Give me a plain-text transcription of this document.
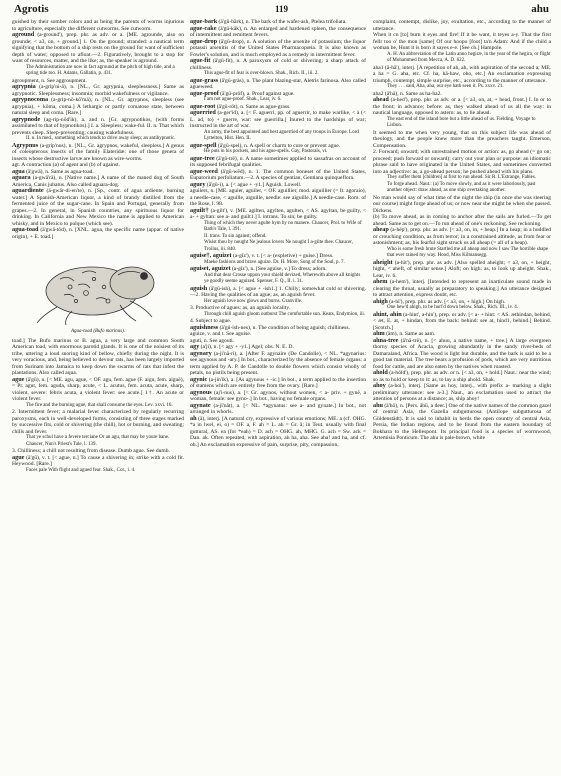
Agrotis	119	ahu

guished by their somber colors and as being the parents of worms injurious to agriculture, especially the different cutworms. See cutworm.

aground (a-ground'), prep. phr. as adv. or a. [ME. agrounde, also on grounde; < a3, on, + ground.] 1. On the ground; stranded: a nautical term signifying that the bottom of a ship rests on the ground for want of sufficient depth of water; opposed to afloat.—2. Figuratively, brought to a stop for want of resources, matter, and the like; as, the speaker is aground.

The Administration are now in fact aground at the pitch of high tide, and a spring tide too. H. Adams, Gallatin, p. 431.

agroupment, n. See aggroupment.

agrypnia (a-grip'ni-ä), n. [NL., Gr. agrypnia, sleeplessness.] Same as agrypnotic. Sleeplessness; insomnia; morbid wakefulness or vigilance.

agrypnocoma (a-grip-nō-kō'mä), n. [NL., Gr. agrypnos, sleepless (see agrypnia), + kōma, coma.] A lethargic or partly comatose state, between natural sleep and coma. [Rare.]

agrypnode (ag-rip-nōd'ik), a. and n. [Gr. agrypnotikos, (with forms assimilated to that of hypnotikos).] I. a. Sleepless; wake-ful. II. n. That which prevents sleep. Sleep-preventing; causing wakefulness.

II. n. In med., something which tends to drive away sleep; an antihypnotic.

Agrypnus (a-grip'nus), n. [NL., Gr. agrypnos, wakeful, sleepless.] A genus of coleopterous insects of the family Elateridæ: one of those genera of insects whose destructive larvæ are known as wire-worms.

agt. A contraction (a) of agent and (b) of against.

agua (ä'gwä), n. Same as agua-toad.

aguara (a-gwä'rä), n. [Native name.] A name of the maned dog of South America, Canis jubatus. Also called aguara-dog.

aguardiente (ä-gwär-di-en'te), n. [Sp., contr. of agua ardiente, burning water.] A Spanish-American liquor, a kind of brandy distilled from the fermented juice of the sugar-cane. In Spain and Portugal, generally from grapes.—2. In general, in Spanish countries, any spirituous liquor for drinking. In California and New Mexico the name is applied to American whisky, and in Mexico to pulque (which see).

agua-toad (ä'gwä-tōd), n. [XNL. agua, the specific name (appar. of native origin), + E. toad.]

Agua-toad (Bufo marinus).

toad.] The Bufo marinus or B. agua, a very large and common South American toad, with enormous parotid glands. It is one of the noisiest of its tribe, uttering a loud snoring kind of bellow, chiefly during the night. It is very voracious, and, being believed to devour rats, has been largely imported from Surinam into Jamaica to keep down the swarms of rats that infest the plantations. Also called aqua.

ague (ā'gū), n. [< ME. agu, ague, < OF. agu, fem. ague (F. aigu, fem. aiguë), = Pr. agut, fem. aguda, sharp, acute, < L. acutus, fem. acuta, acute, sharp, violent, severe: febris acuta, a violent fever: see acute.] 1†. An acute or violent fever.

The fire and the burning ague, that shall consume the eyes. Lev. xxvi. 16.

2. Intermittent fever; a malarial fever characterized by regularly recurring paroxysms, each in well-developed forms, consisting of three stages marked by successive fits, cold or shivering (the chill), hot or burning, and sweating; chills and fever.

That ye schul have a fevere terciane Or an agu, that may be youre bane. Chaucer, Nun's Priest's Tale, l. 139.

3. Chilliness; a chill not resulting from disease. Dumb ague. See dumb.

ague (ā'gū), v. t. [< ague, n.] To cause a shivering in; strike with a cold fit. Heywood. [Rare.]

Faces pale With flight and agued fear. Shak., Cor., i. 4.

ague-bark (ā'gū-bärk), n. The bark of the wafer-ash, Ptelea trifoliata.

ague-cake (ā'gū-kāk), n. An enlarged and hardened spleen, the consequence of intermittent and remittent fevers.

ague-drop (ā'gū-drop), n. A solution of the arsenite of potassium; the liquor potassii arsenitis of the United States Pharmacopœia. It is also known as Fowler's solution, and is much employed as a remedy in intermittent fever.

ague-fit (ā'gū-fit), n. A paroxysm of cold or shivering; a sharp attack of chilliness.

This ague-fit of fear is over-blown. Shak., Rich. II., iii. 2.

ague-grass (ā'gū-gràs), n. The plant blazing-star, Aletris farinosa. Also called agueweed.

ague-proof (ā'gū-pröf), a. Proof against ague.

I am not ague-proof. Shak., Lear, iv. 6.

ague-root (ā'gū-röt), n. Same as ague-grass.

aguerried (a-ger'id), a. [< F. aguerri, pp. of aguerrir, to make warlike, < à (< L. ad, to) + guerre, war: see guerrilla.] Inured to the hardships of war; instructed in the art of war.

An army, the best appointed and best aguerried of any troops in Europe. Lord Lyttelton, Hist. Hen. II.

ague-spell (ā'gū-spel), n. A spell or charm to cure or prevent ague.

He puts in his pockets, and his ague-spells. Gay, Pastorals, vi.

ague-tree (ā'gū-trē), n. A name sometimes applied to sassafras on account of its supposed febrifugal qualities.

ague-weed (ā'gū-wēd), n. 1. The common boneset of the United States, Eupatorium perfoliatum.—2. A species of gentian, Gentiana quinqueflora.

aguey (ā'gū-i), a. [< ague + -y1.] Aguish. Lowell.

aguilers, n. [ME. aguler, aguiler, < OF. aguillier, mod. aiguillier (= It. agoraio), a needle-case, < aguille, aiguille, needle: see aiguille.] A needle-case. Rom. of the Rose, l. 98.

aguilt† (a-gilt'), v. [ME. agilten, agylten, agulten, < AS. agyltan, be guilty, < a- + gyltan: see a- and guilt1.] I. intrans. To sin; be guilty.

Thing of which they never agulte hym by no manere. Chaucer, Prol. to Wife of Bath's Tale, l. 391.

II. trans. To sin against; offend.

Wisist thou by nought Ne jealous lovers Ne nought I a-gilte thee. Chaucer, Troilus, iii. 840.

aguise†, aguizet (a-gīz'), v. t. [< a- (expletive) + guise.] Dress.

Maeke fashions and brave aguize. Dr. H. More, Song of the Soul, p. 7.

aguiset, aguizet (a-gīz'), n. [See aguise, v.] To dress; adorn.

And that dear Crosse uppon your shield devized, Wherewith above all knights ye goodly seeme aguized. Spenser, F. Q., II. i. 31.

aguish (ā'gū-ish), a. [< ague + -ish1.] 1. Chilly; somewhat cold or shivering.—2. Having the qualities of an ague; as, an aguish fever.

Her aguish love now glows and burns. Granville.

3. Productive of agues: as, an aguish locality.

Through chill aguish gloom outburst The comfortable sun. Keats, Endymion, iii.

4. Subject to ague.

aguishness (ā'gū-ish-nes), n. The condition of being aguish; chilliness.

aguize, v. and t. See aguise.

aguti, n. See agouti.

agy (a'ji), n. [< agy + -y1.] Agel; obs. N. E. D.

agynary (a-ji'nā-ri), a. [After F. agynaire (De Candolle), < NL. *agynarius: see agynous and -ary.] In bot., characterized by the absence of female organs: a term applied by A. P. de Candolle to double flowers which consist wholly of petals, no pistils being present.

agynic (a-jin'ik), a. [As agynous + -ic.] In bot., a term applied to the insertion of stamens which are entirely free from the ovary. [Rare.]

agynous (aj'i-nus), a. [< Gr. agynos, without women, < a- priv. + gynē, a woman, female: see gyno-.] In bot., having no female organs.

agynate (a-jī'nāt), a. [< NL. *agynatus: see a- and gynate.] In bot., not arranged in whorls.

ah (ä), interj. [A natural cry, expressive of various emotions; ME. a (cf. OHG. *a in lwel, ei, o) = OF. a, F. ah = L. ah = Gr. ā; in Teut. usually with final guttural, AS. ea (for *eah) = D. ach = OHG. ah, MHG. G. ach = Sw. ack = Dan. ak. Often repeated, with aspiration, ah ha, aha. See aha! and ha, and cf. oh.] An exclamation expressive of pain, surprise, pity, compassion,

complaint, contempt, dislike, joy, exultation, etc., according to the manner of utterance.

When it cn [to] burn it eyes and fire! If it be want, it teyes a-y. That the first fellr too o' the mon [same] Of our hoopo [foot] ta'n Adam: And if the child a woman be, Hunt it is born it sayes e-e. [See ch.] Hampole.

A. H. An abbreviation of the Latin anno hegiræ, in the year of the hegira, or flight of Mohammed from Mecca, A. D. 622.

aha1 (ä-hä'), interj. [A repetition of ah, ah, with aspiration of the second a; ME. a ha = G. aha, etc. Cf. ha, hā-haw, oho, etc.] An exclamation expressing triumph, contempt, simple surprise, etc., according to the manner of utterance.

They . . . said, Aha, aha, our eye hath seen it. Ps. xxxv. 21.

aha2 (ä'hä), n. Same as ha-ha2.

ahead (a-hed'), prep. phr. as adv. or a. [< a3, on, at, + head, front.] I. In or to the front; in advance; before: as, they walked ahead of us all the way: in nautical language, opposed to astern: as, to lie ahead.

The east end of the island bore but a little ahead of us. Fielding, Voyage to Lisbon.

It seemed to me when very young, that on this subject life was ahead of theology, and the people knew more than the preachers taught. Emerson, Compensation.

2. Forward; onward; with unrestrained motion or action: as, go ahead (= go on; proceed; push forward or onward); carry out your plan or purpose: an idiomatic phrase said to have originated in the United States, and sometimes converted into an adjective: as, a go-ahead person; he pushed ahead with his plans.

They suffer them [children] at first to run ahead. Sir R. L'Estrange, Fables.

To forge ahead. Naut.: (a) To move slowly, and as it were laboriously, past another object: draw ahead, as one ship overtaking another.

No man would say of what time of the night the ship (in once she was steering our course) might forge ahead of us; or now near she might be when she passed. Dickens.

(b) To move ahead, as in coming to anchor after the sails are furled.—To get ahead. Same as to get on.—To run ahead of one's reckoning. See reckoning.

aheap (a-hēp'), prep. phr. as adv. [< a3, on, in, + heap.] In a heap; in a huddled or crouching condition, as from terror; in a constrained attitude, as from fear or astonishment; as, his fearful sight struck us all aheap (= all of a heap).

Who is some fresh brute Startled me all aheap and now I saw The horrible shape that ever rained my way. Hood, Miss Kilmansegg.

aheight (a-hīt'), prep. phr. as adv. [Also spelled aheight; < a3, on, + height, hight, < aheft, of similar sense.] Aloft; on high: as, to look up aheight. Shak., Lear, iv. 6.

ahem (a-hem'), interj. [Intended to represent an inarticulate sound made in clearing the throat, usually as preparatory to speaking.] An utterance designed to attract attention, express doubt, etc.

ahigh (a-hī'), prep. phr. as adv. [< a3, on, + high.] On high.

One hew'd ahigh, to be hurl'd down below. Shak., Rich. III., iv. 4.

ahint, ahin (a-hint', a-hin'), prep. or adv. [< a- + hint: < AS. æthindan, behind, < æt, E. at, + hindan, from the back: behind: see at, hind1, behind.] Behind. [Scotch.]

ahm (äm), n. Same as aam.

ahna-tree (ä'nä-trē), n. [< ahuu, a native name, + tree.] A large evergreen thorny species of Acacia, growing abundantly in the sandy river-beds of Damaraland, Africa. The wood is light but durable, and the bark is said to be a good tan material. The tree bears a profusion of pods, which are very nutritious food for cattle, and are also eaten by the natives when roasted.

ahold (a-hōld'), prep. phr. as adv. or n. [< a3, on, + hold.] Naut.: near the wind; so as to hold or keep to it: as, to lay a ship ahold. Shak.

ahoy (a-hoi'), interj. [Same as hoy, interj., with prefix a- marking a slight preliminary utterance: see a-3.] Naut., an exclamation used to attract the attention of persons at a distance; as, ship ahoy!

ahu (ä'hö), n. [Pers. āhū, a deer.] One of the native names of the common gazel of central Asia, the Gazella subgutturosa (Antilope subgutturosa of Güldenstädt). It is said to inhabit in herds the open country of central Asia, Persia, the Indian regions, and to be found from the eastern boundary of Bokhara to the Hellespont. Its principal food is a species of wormwood, Artemisia Ponticum. The ahu is pale-brown, white
